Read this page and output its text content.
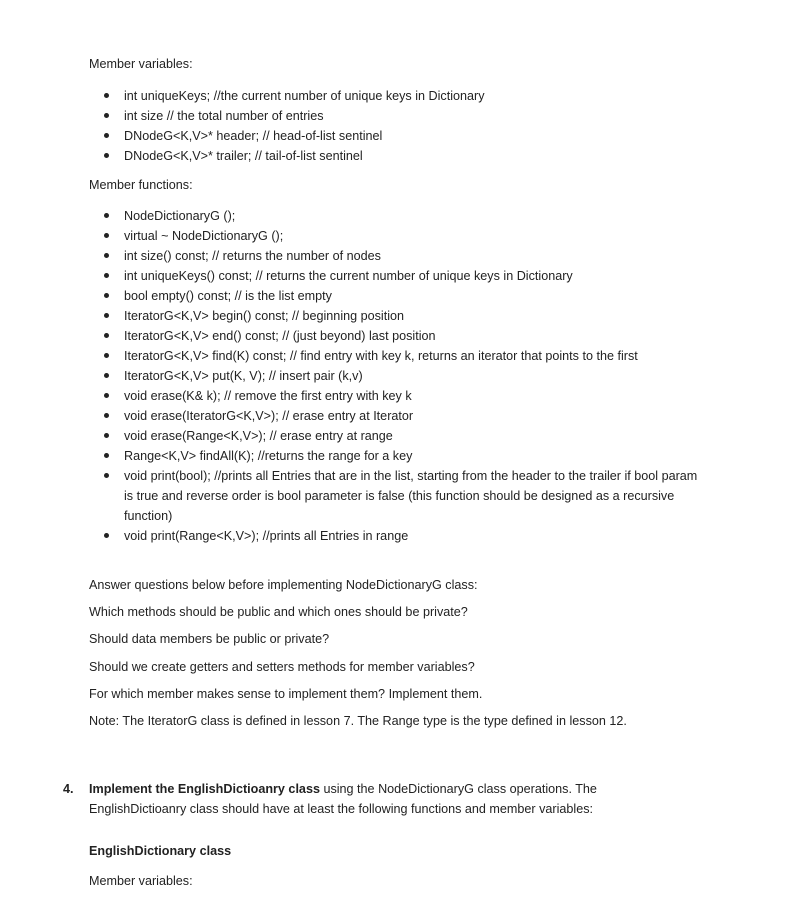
Member variables:

int uniqueKeys; //the current number of unique keys in Dictionary
int size // the total number of entries
DNodeG<K,V>* header; // head-of-list sentinel
DNodeG<K,V>* trailer; // tail-of-list sentinel

Member functions:

NodeDictionaryG ();
virtual ~ NodeDictionaryG ();
int size() const; // returns the number of nodes
int uniqueKeys() const; // returns the current number of unique keys in Dictionary
bool empty() const; // is the list empty
IteratorG<K,V> begin() const; // beginning position
IteratorG<K,V> end() const; // (just beyond) last position
IteratorG<K,V> find(K) const; // find entry with key k, returns an iterator that points to the first
IteratorG<K,V> put(K, V); // insert pair (k,v)
void erase(K& k); // remove the first entry with key k
void erase(IteratorG<K,V>); // erase entry at Iterator
void erase(Range<K,V>); // erase entry at range
Range<K,V> findAll(K); //returns the range for a key
void print(bool); //prints all Entries that are in the list, starting from the header to the trailer if bool param is true and reverse order is bool parameter is false (this function should be designed as a recursive function)
void print(Range<K,V>); //prints all Entries in range

Answer questions below before implementing NodeDictionaryG class:

Which methods should be public and which ones should be private?

Should data members be public or private?

Should we create getters and setters methods for member variables?

For which member makes sense to implement them? Implement them.

Note: The IteratorG class is defined in lesson 7. The Range type is the type defined in lesson 12.

4. Implement the EnglishDictioanry class using the NodeDictionaryG class operations. The

EnglishDictioanry class should have at least the following functions and member variables:

EnglishDictionary class

Member variables:
